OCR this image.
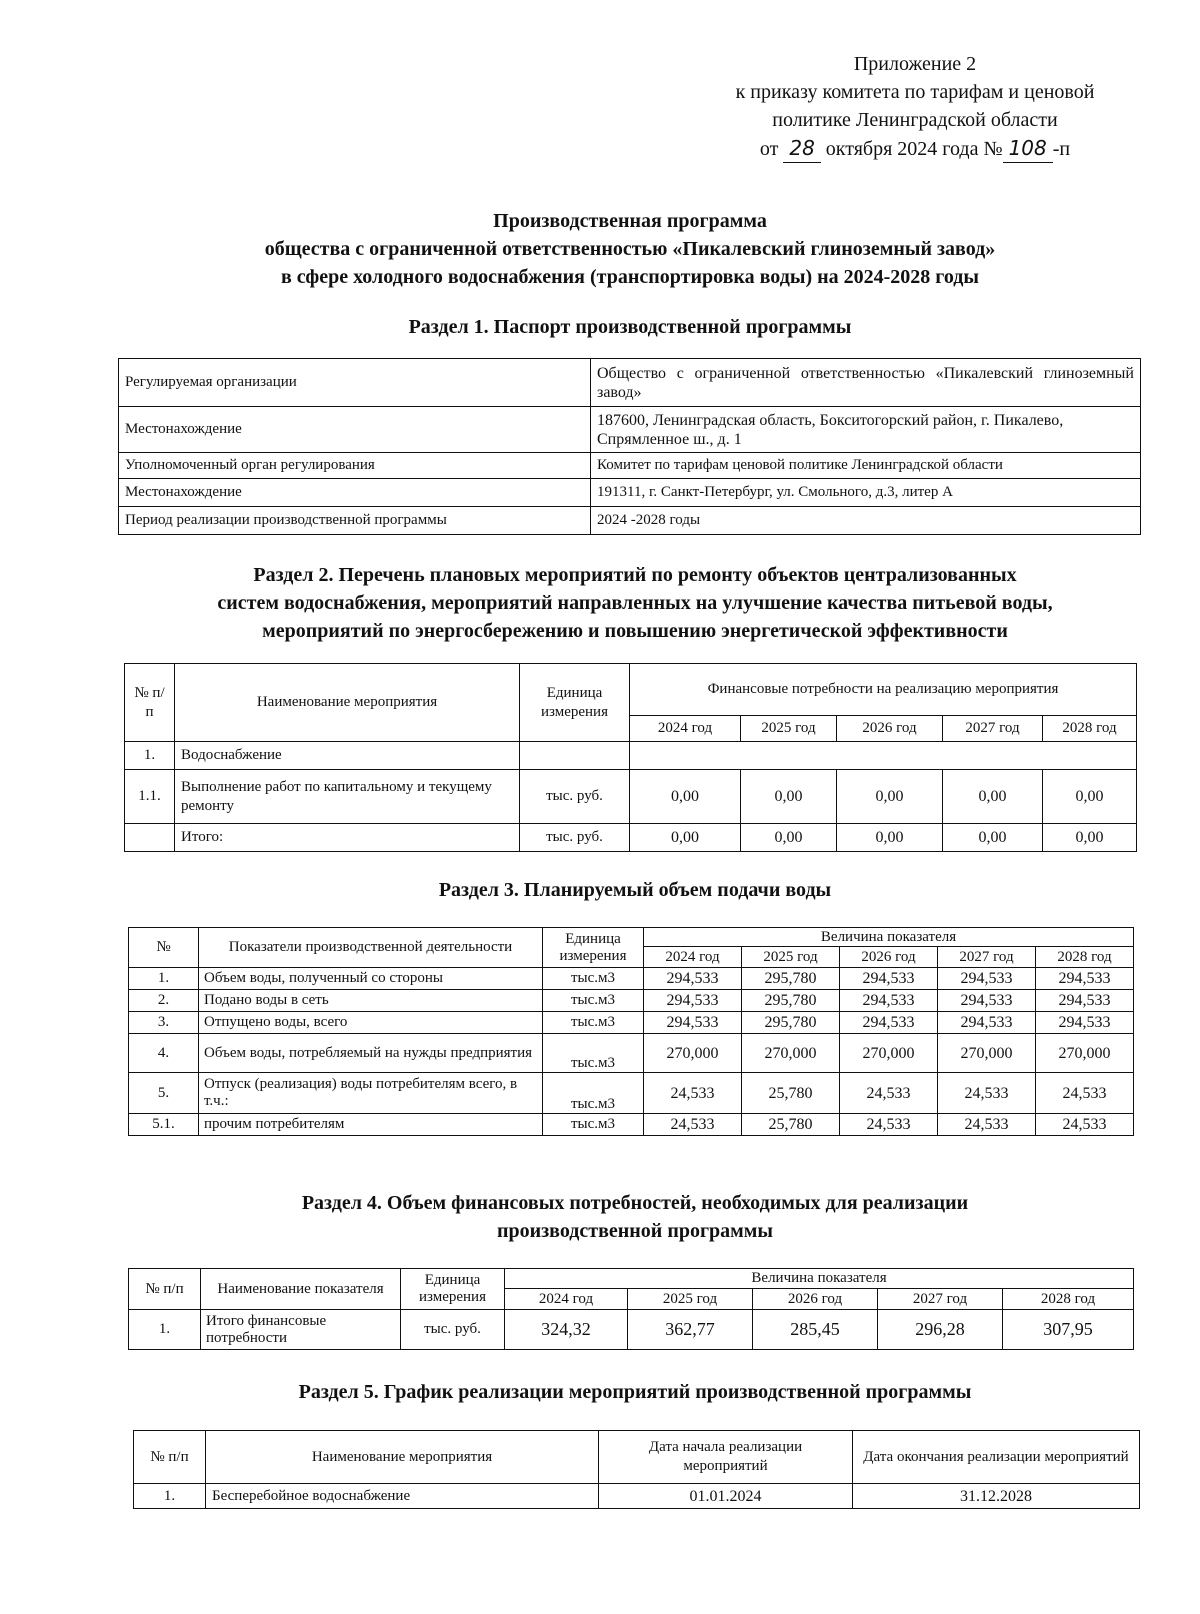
Приложение 2
к приказу комитета по тарифам и ценовой
политике Ленинградской области
от 28 октября 2024 года № 108 -п
Производственная программа
общества с ограниченной ответственностью «Пикалевский глиноземный завод»
в сфере холодного водоснабжения (транспортировка воды) на 2024-2028 годы
Раздел 1. Паспорт производственной программы
Регулируемая организации	Общество с ограниченной ответственностью «Пикалевский глиноземный завод»
Местонахождение	187600, Ленинградская область, Бокситогорский район, г. Пикалево, Спрямленное ш., д. 1
Уполномоченный орган регулирования	Комитет по тарифам ценовой политике Ленинградской области
Местонахождение	191311, г. Санкт-Петербург, ул. Смольного, д.3, литер А
Период реализации производственной программы	2024 -2028 годы
Раздел 2. Перечень плановых мероприятий по ремонту объектов централизованных
систем водоснабжения, мероприятий направленных на улучшение качества питьевой воды,
мероприятий по энергосбережению и повышению энергетической эффективности
№ п/п	Наименование мероприятия	Единица измерения	Финансовые потребности на реализацию мероприятия				
			2024 год	2025 год	2026 год	2027 год	2028 год
1.	Водоснабжение						
1.1.	Выполнение работ по капитальному и текущему ремонту	тыс. руб.	0,00	0,00	0,00	0,00	0,00
	Итого:	тыс. руб.	0,00	0,00	0,00	0,00	0,00
Раздел 3. Планируемый объем подачи воды
№	Показатели производственной деятельности	Единица измерения	Величина показателя				
			2024 год	2025 год	2026 год	2027 год	2028 год
1.	Объем воды, полученный со стороны	тыс.м3	294,533	295,780	294,533	294,533	294,533
2.	Подано воды в сеть	тыс.м3	294,533	295,780	294,533	294,533	294,533
3.	Отпущено воды, всего	тыс.м3	294,533	295,780	294,533	294,533	294,533
4.	Объем воды, потребляемый на нужды предприятия	тыс.м3	270,000	270,000	270,000	270,000	270,000
5.	Отпуск (реализация) воды потребителям всего, в т.ч.:	тыс.м3	24,533	25,780	24,533	24,533	24,533
5.1.	прочим потребителям	тыс.м3	24,533	25,780	24,533	24,533	24,533
Раздел 4. Объем финансовых потребностей, необходимых для реализации
производственной программы
№ п/п	Наименование показателя	Единица измерения	Величина показателя				
			2024 год	2025 год	2026 год	2027 год	2028 год
1.	Итого финансовые потребности	тыс. руб.	324,32	362,77	285,45	296,28	307,95
Раздел 5. График реализации мероприятий производственной программы
№ п/п	Наименование мероприятия	Дата начала реализации мероприятий	Дата окончания реализации мероприятий
1.	Бесперебойное водоснабжение	01.01.2024	31.12.2028
